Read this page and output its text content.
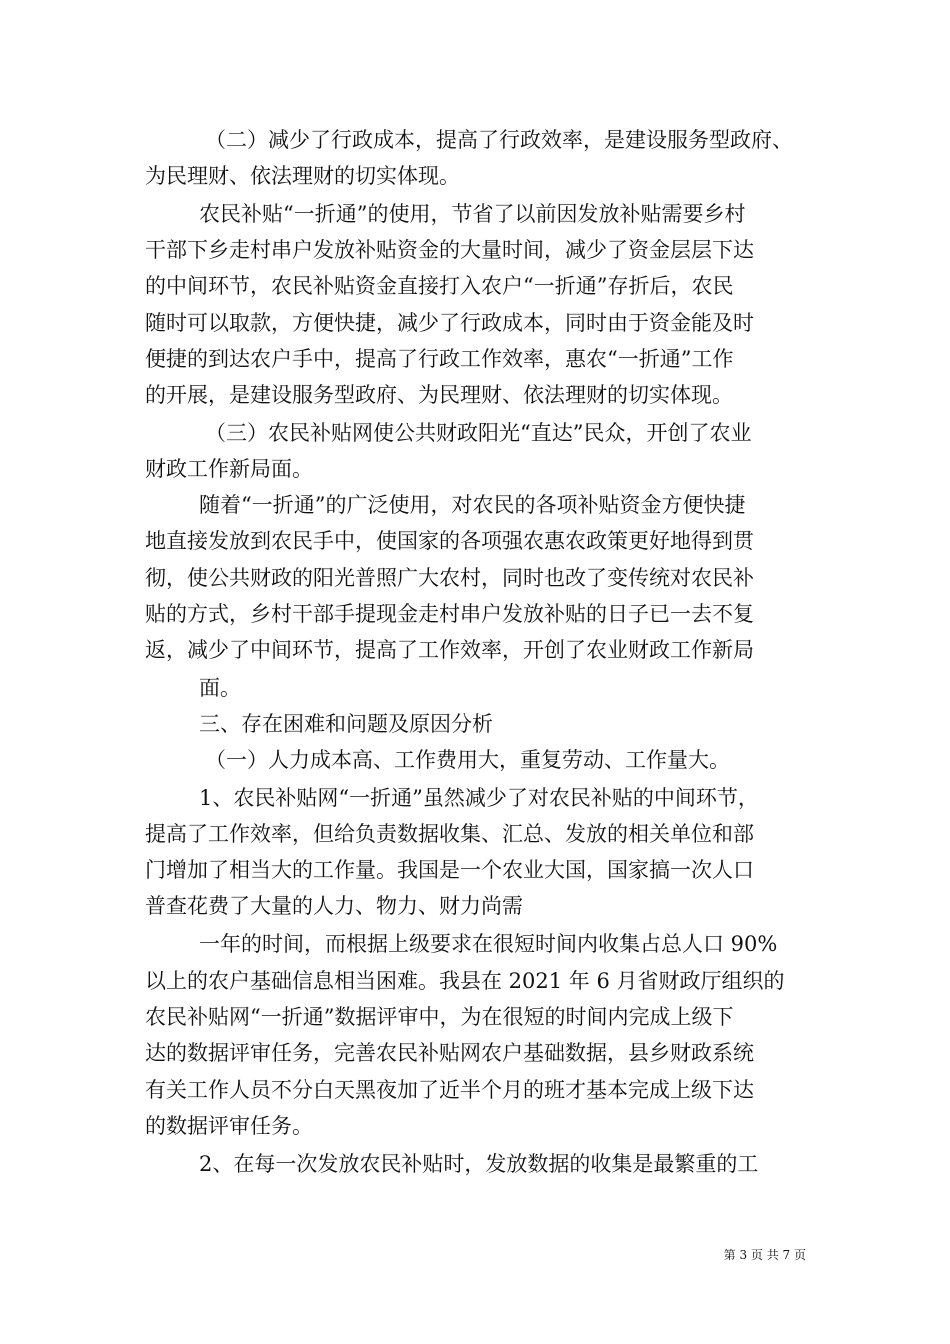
（二）减少了行政成本，提高了行政效率，是建设服务型政府、
为民理财、依法理财的切实体现。
农民补贴“一折通”的使用，节省了以前因发放补贴需要乡村
干部下乡走村串户发放补贴资金的大量时间，减少了资金层层下达
的中间环节，农民补贴资金直接打入农户“一折通”存折后，农民
随时可以取款，方便快捷，减少了行政成本，同时由于资金能及时
便捷的到达农户手中，提高了行政工作效率，惠农“一折通”工作
的开展，是建设服务型政府、为民理财、依法理财的切实体现。
（三）农民补贴网使公共财政阳光“直达”民众，开创了农业
财政工作新局面。
随着“一折通”的广泛使用，对农民的各项补贴资金方便快捷
地直接发放到农民手中，使国家的各项强农惠农政策更好地得到贯
彻，使公共财政的阳光普照广大农村，同时也改了变传统对农民补
贴的方式，乡村干部手提现金走村串户发放补贴的日子已一去不复
返，减少了中间环节，提高了工作效率，开创了农业财政工作新局
面。
三、存在困难和问题及原因分析
（一）人力成本高、工作费用大，重复劳动、工作量大。
1、农民补贴网“一折通”虽然减少了对农民补贴的中间环节，
提高了工作效率，但给负责数据收集、汇总、发放的相关单位和部
门增加了相当大的工作量。我国是一个农业大国，国家搞一次人口
普查花费了大量的人力、物力、财力尚需
一年的时间，而根据上级要求在很短时间内收集占总人口 90%
以上的农户基础信息相当困难。我县在 2021 年 6 月省财政厅组织的
农民补贴网“一折通”数据评审中，为在很短的时间内完成上级下
达的数据评审任务，完善农民补贴网农户基础数据，县乡财政系统
有关工作人员不分白天黑夜加了近半个月的班才基本完成上级下达
的数据评审任务。
2、在每一次发放农民补贴时，发放数据的收集是最繁重的工
第 3 页 共 7 页
